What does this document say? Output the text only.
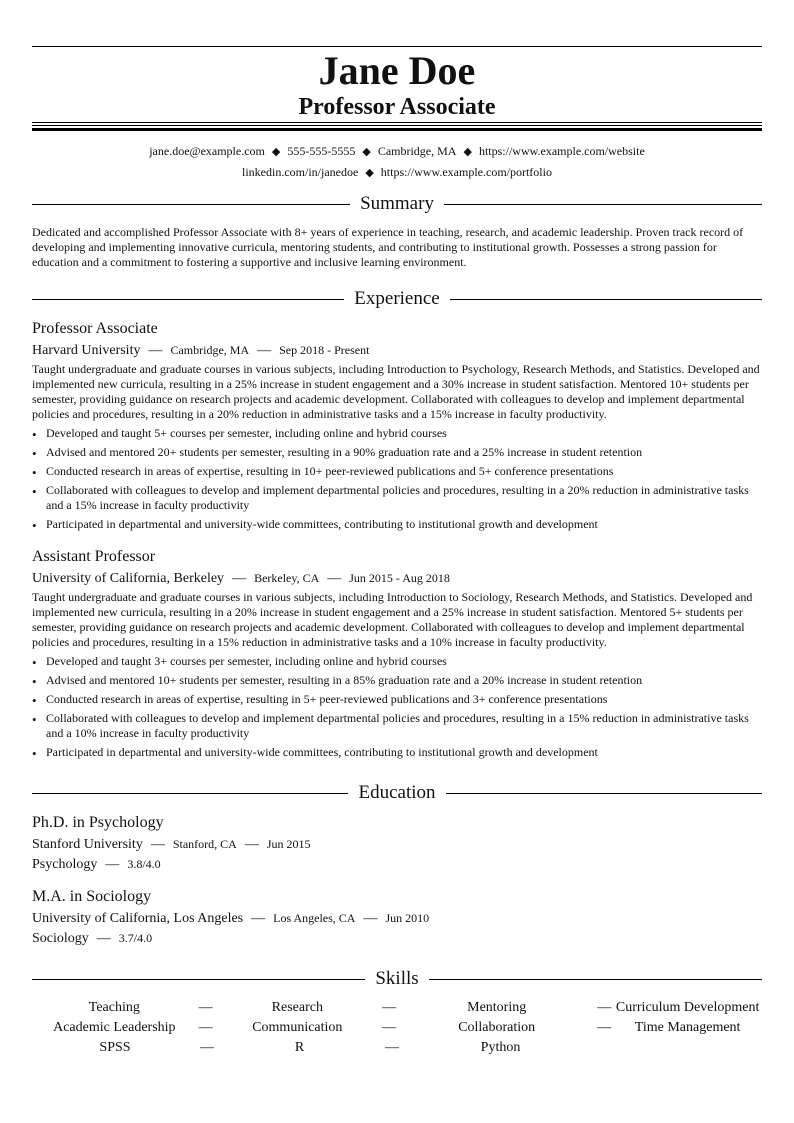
Jane Doe
Professor Associate
jane.doe@example.com ◆ 555-555-5555 ◆ Cambridge, MA ◆ https://www.example.com/website
linkedin.com/in/janedoe ◆ https://www.example.com/portfolio
Summary
Dedicated and accomplished Professor Associate with 8+ years of experience in teaching, research, and academic leadership. Proven track record of developing and implementing innovative curricula, mentoring students, and contributing to institutional growth. Possesses a strong passion for education and a commitment to fostering a supportive and inclusive learning environment.
Experience
Professor Associate
Harvard University — Cambridge, MA — Sep 2018 - Present
Taught undergraduate and graduate courses in various subjects, including Introduction to Psychology, Research Methods, and Statistics. Developed and implemented new curricula, resulting in a 25% increase in student engagement and a 30% increase in student satisfaction. Mentored 10+ students per semester, providing guidance on research projects and academic development. Collaborated with colleagues to develop and implement departmental policies and procedures, resulting in a 20% reduction in administrative tasks and a 15% increase in faculty productivity.
• Developed and taught 5+ courses per semester, including online and hybrid courses
• Advised and mentored 20+ students per semester, resulting in a 90% graduation rate and a 25% increase in student retention
• Conducted research in areas of expertise, resulting in 10+ peer-reviewed publications and 5+ conference presentations
• Collaborated with colleagues to develop and implement departmental policies and procedures, resulting in a 20% reduction in administrative tasks and a 15% increase in faculty productivity
• Participated in departmental and university-wide committees, contributing to institutional growth and development
Assistant Professor
University of California, Berkeley — Berkeley, CA — Jun 2015 - Aug 2018
Taught undergraduate and graduate courses in various subjects, including Introduction to Sociology, Research Methods, and Statistics. Developed and implemented new curricula, resulting in a 20% increase in student engagement and a 25% increase in student satisfaction. Mentored 5+ students per semester, providing guidance on research projects and academic development. Collaborated with colleagues to develop and implement departmental policies and procedures, resulting in a 15% reduction in administrative tasks and a 10% increase in faculty productivity.
• Developed and taught 3+ courses per semester, including online and hybrid courses
• Advised and mentored 10+ students per semester, resulting in a 85% graduation rate and a 20% increase in student retention
• Conducted research in areas of expertise, resulting in 5+ peer-reviewed publications and 3+ conference presentations
• Collaborated with colleagues to develop and implement departmental policies and procedures, resulting in a 15% reduction in administrative tasks and a 10% increase in faculty productivity
• Participated in departmental and university-wide committees, contributing to institutional growth and development
Education
Ph.D. in Psychology
Stanford University — Stanford, CA — Jun 2015
Psychology — 3.8/4.0
M.A. in Sociology
University of California, Los Angeles — Los Angeles, CA — Jun 2010
Sociology — 3.7/4.0
Skills
Teaching	—	Research	—	Mentoring	— Curriculum Development
Academic Leadership	—	Communication	—	Collaboration	—	Time Management
SPSS	—	R	—	Python
